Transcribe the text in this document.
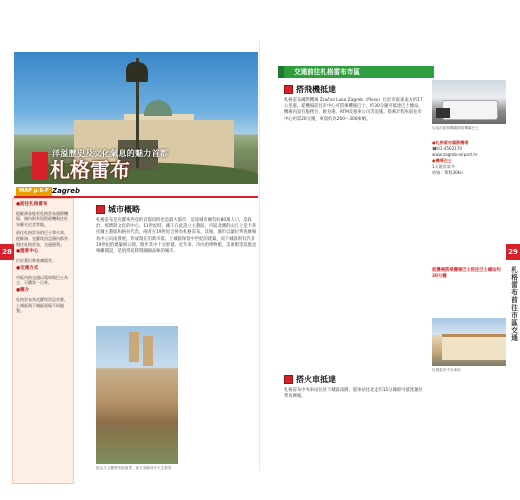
洋溢歷史及文化氣息的魅力首都
札格雷布
MAP p.6-F Zagreb
●前往札格雷布

從歐洲各地有札格雷布國際機場，國內則有短程班機飛往杜布羅夫尼克等地。

前往札格雷布的巴士和火車，從歐洲、克羅埃西亞國內都有開往札格雷布，交通便利。

●遊客中心

位於葉拉齊查廣場旁。

●交通方式

市區內的交通以電車與巴士為主，可購買一日券。

●簡介

札格雷布為克羅埃西亞首都，上城區與下城區展現不同風貌。

28
城市概略
札格雷布是克羅埃西亞的首都同時也是最大都市，這座城市擁有約80萬人口，是政治、經濟與文化的中心。11世紀時，國王在此設立主教區，市區北側的山丘上是卡普托爾主教區和格拉代茨，兩者在19世紀合併為札格雷布。其後，城市以葉拉齊查廣場為中心向南發展，形成現在的新市區。上城區保留中世紀的建築，而下城區則有許多19世紀的建築與公園，散步其中十分舒適。近年來，市內的博物館、美術館等設施也相繼開設，是值得花時間細細品味的城市。
從山丘上眺望市區風景，前方為聖母升天主教堂
交通前往札格雷布市區
搭飛機抵達
札格雷布國際機場 Zračna Luka Zagreb（Pleso）位於市區東南方約17公里處，從機場前往市中心可搭乘機場巴士，約30分鐘可抵達巴士總站。機場內設有服務台、匯兌處、ATM及租車公司等設施。搭乘計程車前往市中心約需20分鐘，車資約為200～300庫納。
往返市區與機場間的機場巴士
●札格雷布國際機場
☎01-4562170
www.zagreb-airport.hr
●機場巴士
1天班次眾多
車資：單程30kn
從機場搭乘機場巴士前往巴士總站約30分鐘
搭火車抵達
札格雷布中央車站位於下城區南側，從車站往北走約15分鐘即可抵達葉拉齊查廣場。
札格雷布中央車站
29
札格雷布前往市區交通
